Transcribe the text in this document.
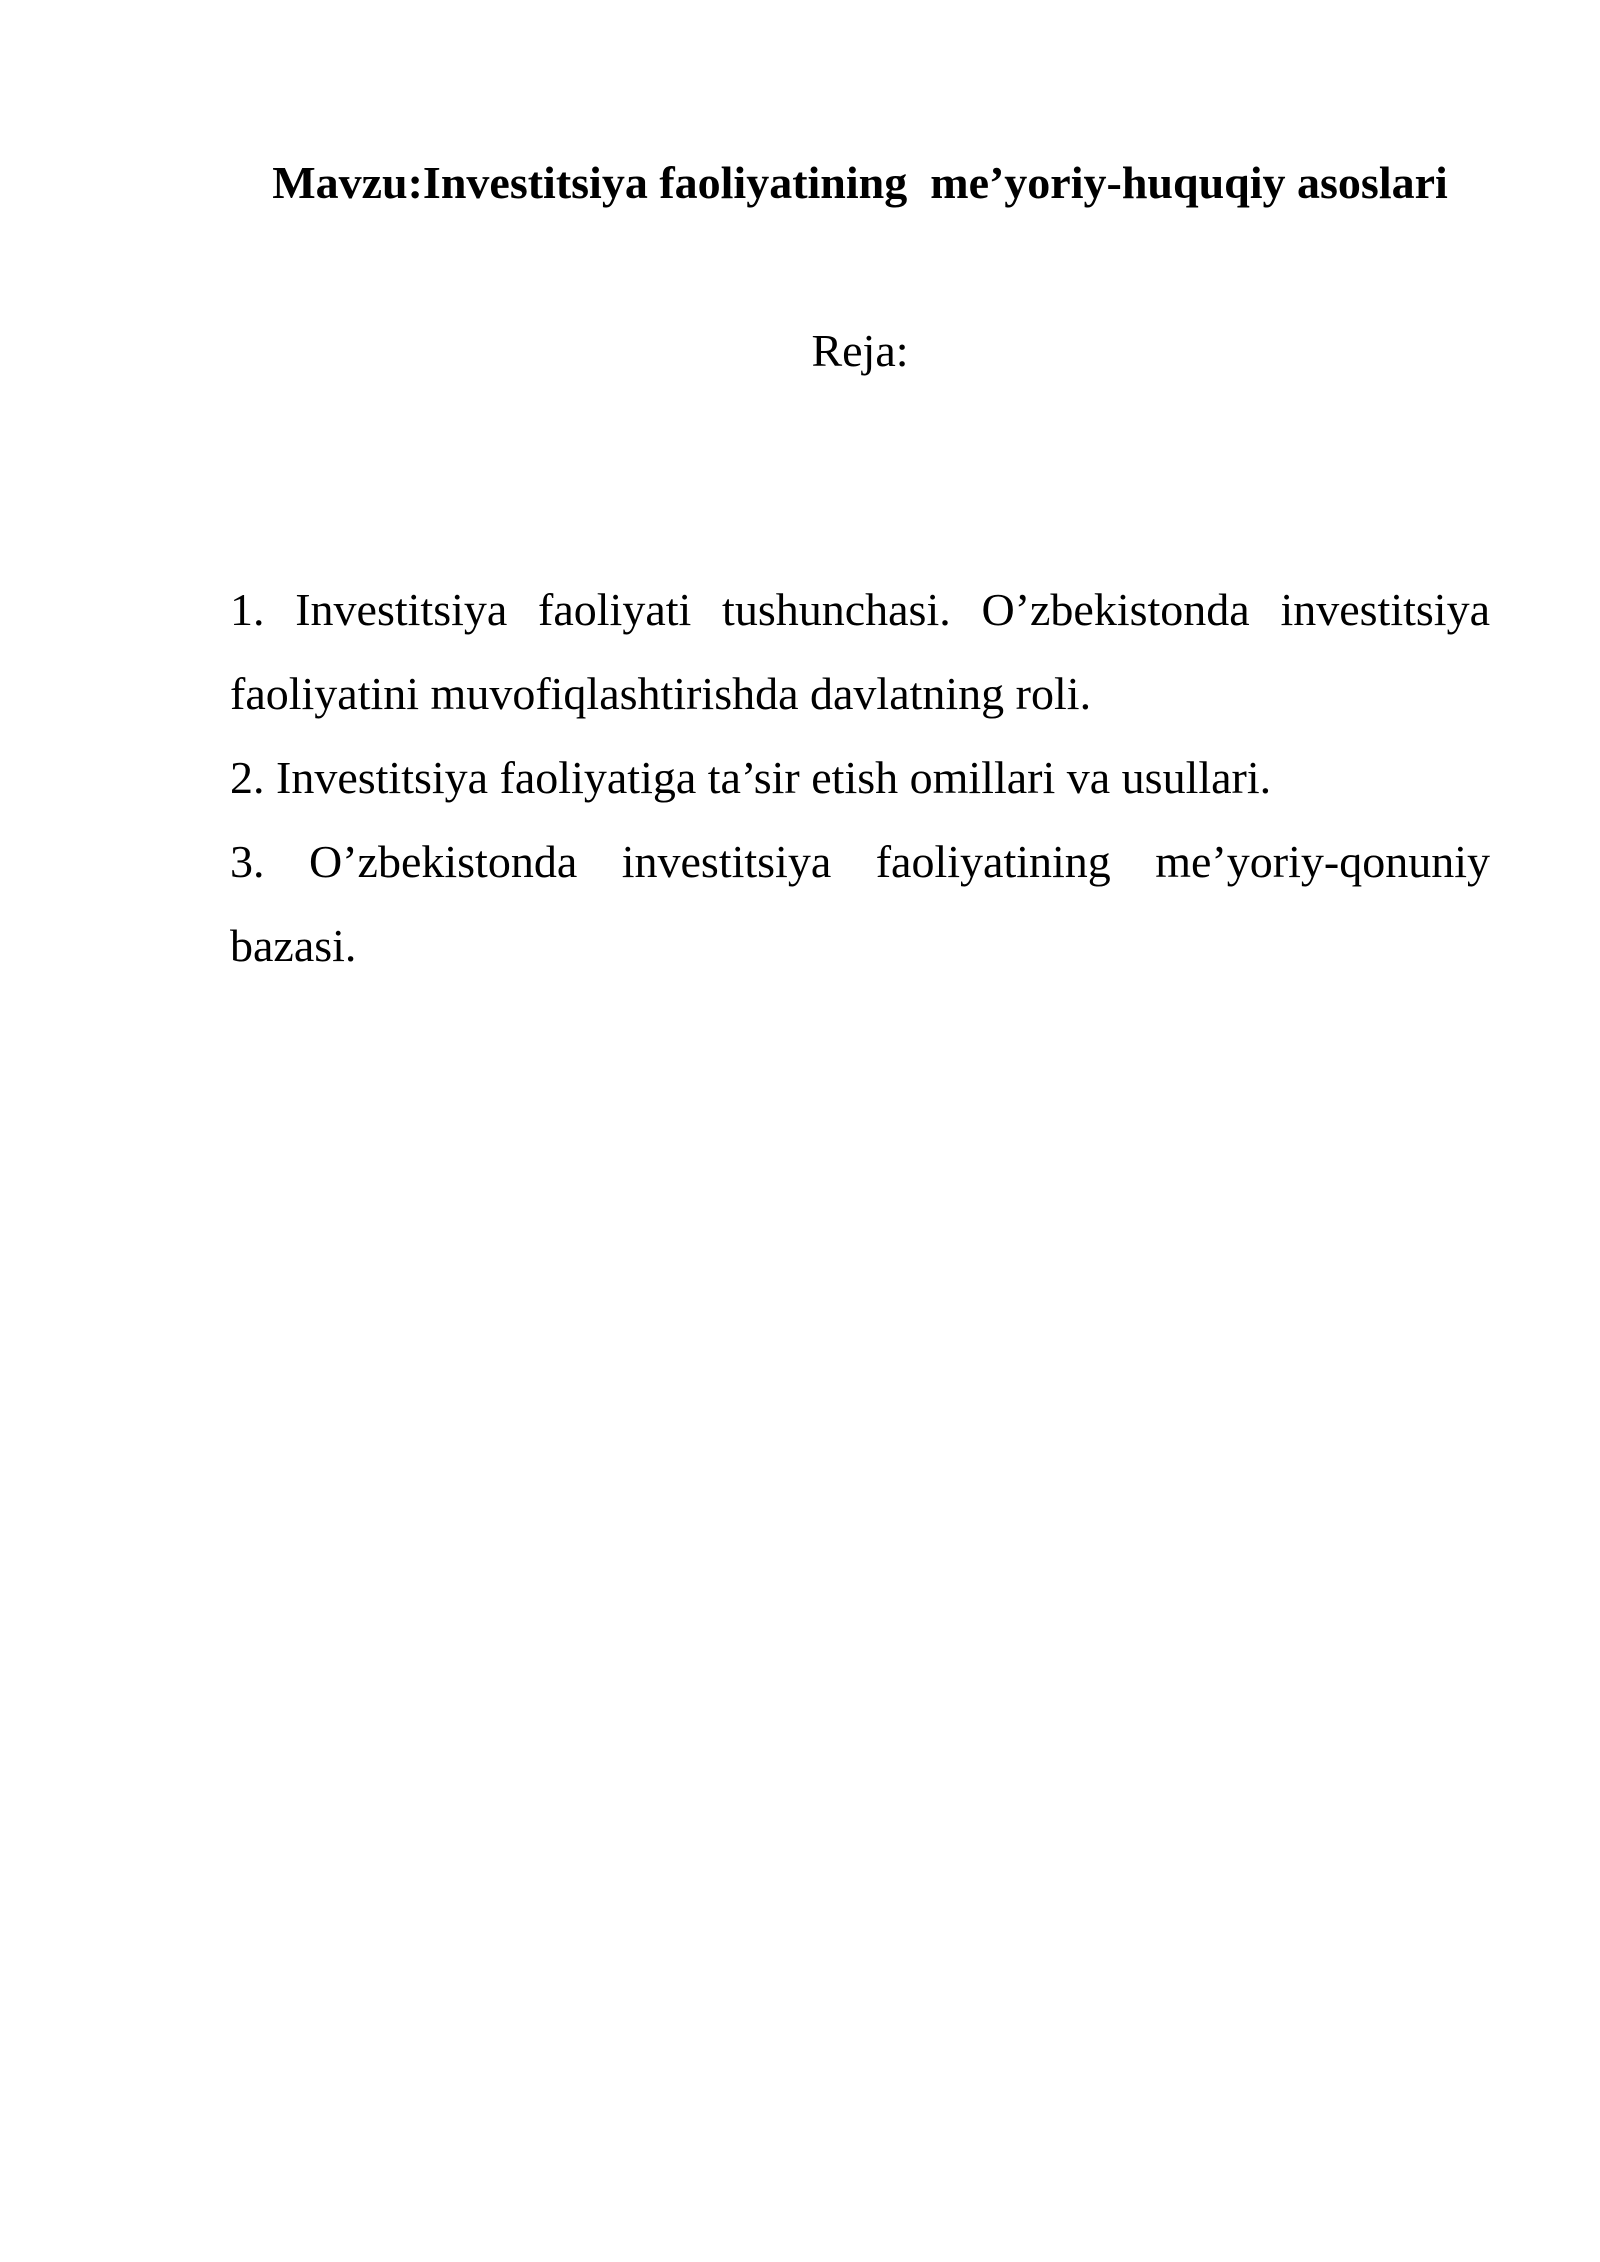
Mavzu:Investitsiya faoliyatining  me’yoriy-huquqiy asoslari
Reja:
1. Investitsiya faoliyati tushunchasi. O’zbekistonda investitsiya faoliyatini muvofiqlashtirishda davlatning roli.
2. Investitsiya faoliyatiga ta’sir etish omillari va usullari.
3. O’zbekistonda investitsiya faoliyatining me’yoriy-qonuniy bazasi.
